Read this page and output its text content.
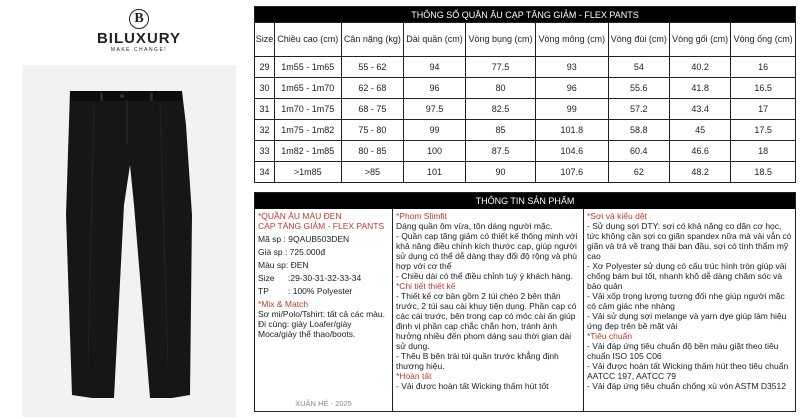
B
BILUXURY
MAKE CHANGE!
THÔNG SỐ QUẦN ÂU CẠP TĂNG GIẢM - FLEX PANTS								
Size	Chiều cao (cm)	Cân nặng (kg)	Dài quần (cm)	Vòng bụng (cm)	Vòng mông (cm)	Vòng đùi (cm)	Vòng gối (cm)	Vòng ống (cm)
29	1m55 - 1m65	55 - 62	94	77.5	93	54	40.2	16
30	1m65 - 1m70	62 - 68	96	80	96	55.6	41.8	16.5
31	1m70 - 1m75	68 - 75	97.5	82.5	99	57.2	43.4	17
32	1m75 - 1m82	75 - 80	99	85	101.8	58.8	45	17.5
33	1m82 - 1m85	80 - 85	100	87.5	104.6	60.4	46.6	18
34	>1m85	>85	101	90	107.6	62	48.2	18.5
THÔNG TIN SẢN PHẨM

*QUẦN ÂU MÀU ĐEN

CẠP TĂNG GIẢM - FLEX PANTS

Mã sp : 9QAUB503DEN

Giá sp : 725.000đ

Màu sp: ĐEN

Size	:29-30-31-32-33-34
TP	: 100% Polyester

*Mix & Match

Sơ mi/Polo/Tshirt: tất cả các màu.

Đi cùng: giày Loafer/giày Moca/giày thể thao/boots.

XUÂN HÈ - 2025

*Phom Slimfit

Dáng quần ôm vừa, tôn dáng người mặc.

- Quần cạp tăng giảm có thiết kế thông minh với khả năng điều chỉnh kích thước cạp, giúp người sử dụng có thể dễ dàng thay đổi độ rộng và phù hợp với cơ thể

- Chiều dài có thể điều chỉnh tuỳ ý khách hàng.

*Chi tiết thiết kế

- Thiết kế cơ bản gồm 2 túi chéo 2 bên thân trước, 2 túi sau cài khuy tiện dụng. Phần cạp có các cài trước, bên trong cạp có móc cài ấn giúp định vị phần cạp chắc chắn hơn, tránh ảnh hưởng nhiều đến phom dáng sau thời gian dài sử dụng.

- Thêu B bên trái túi quần trước khẳng định thương hiệu.

*Hoàn tất

- Vải được hoàn tất Wicking thấm hút tốt

*Sợi và kiểu dệt

- Sử dụng sợi DTY: sợi có khả năng co dãn cơ học, tức không cần sợi co giãn spandex nữa mà vải vẫn có giãn và trả về trạng thái ban đầu, sợi có tính thẩm mỹ cao

- Xơ Polyester sử dụng có cấu trúc hình tròn giúp vải chống bám bụi tốt, nhanh khô dễ dàng chăm sóc và bảo quản

- Vải xốp trọng lượng tương đối nhẹ giúp người mặc có cảm giác nhẹ nhàng

- Vải sử dụng sợi melange và yarn dye giúp làm hiệu ứng đẹp trên bề mặt vải

*Tiêu chuẩn

- Vải đáp ứng tiêu chuẩn độ bền màu giặt theo tiêu chuẩn ISO 105 C06

- Vải được hoàn tất Wicking thấm hút theo tiêu chuẩn AATCC 197, AATCC 79

- Vải đáp ứng tiêu chuẩn chống xù vón ASTM D3512
